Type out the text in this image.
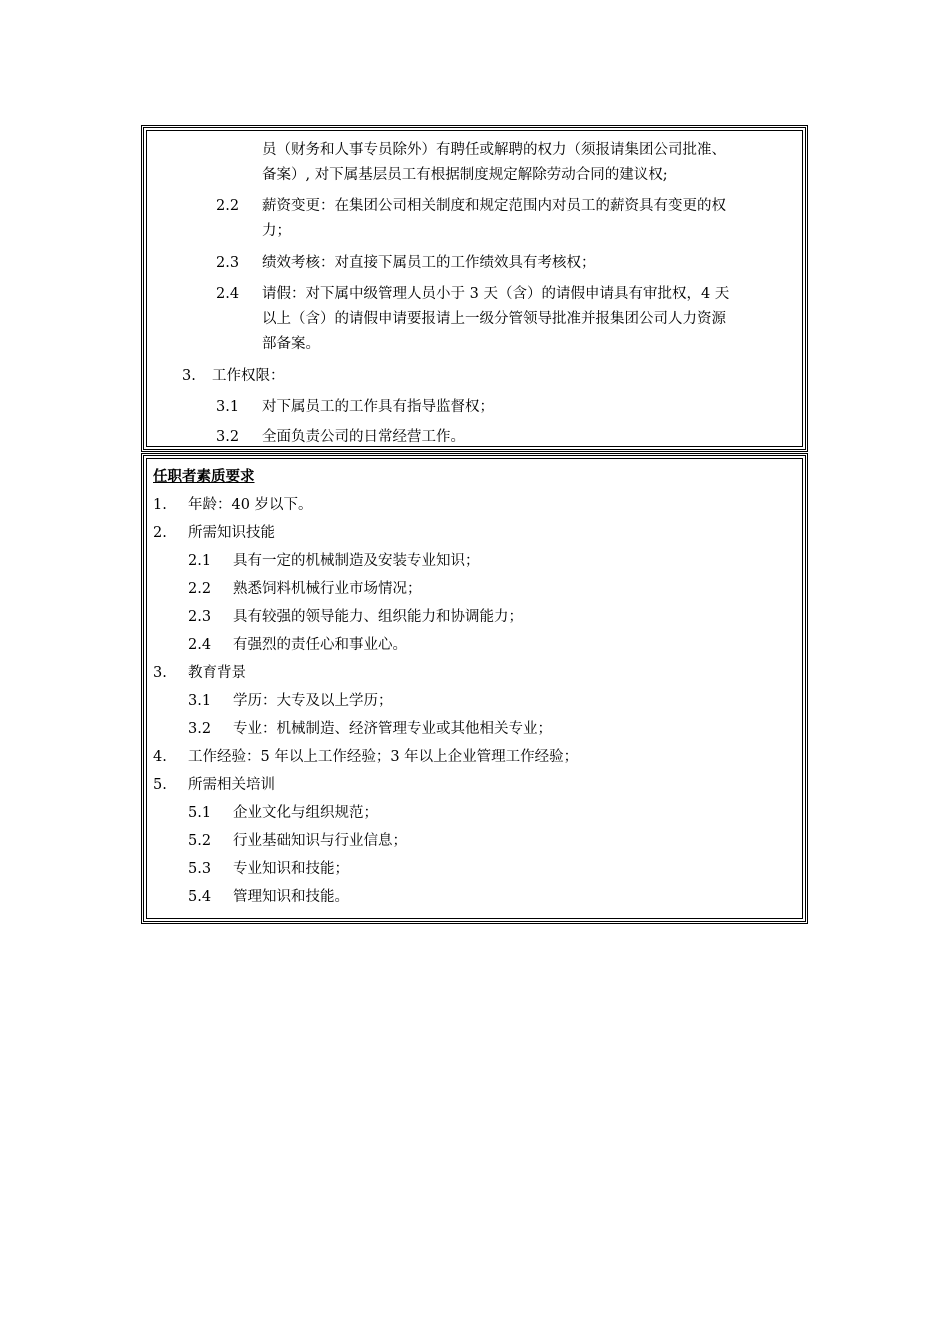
员（财务和人事专员除外）有聘任或解聘的权力（须报请集团公司批准、
备案）, 对下属基层员工有根据制度规定解除劳动合同的建议权;
2.2 薪资变更：在集团公司相关制度和规定范围内对员工的薪资具有变更的权
力；
2.3 绩效考核：对直接下属员工的工作绩效具有考核权；
2.4 请假：对下属中级管理人员小于 3 天（含）的请假申请具有审批权，4 天
以上（含）的请假申请要报请上一级分管领导批准并报集团公司人力资源
部备案。
3. 工作权限：
3.1 对下属员工的工作具有指导监督权；
3.2 全面负责公司的日常经营工作。
任职者素质要求
1. 年龄：40 岁以下。
2. 所需知识技能
2.1 具有一定的机械制造及安装专业知识；
2.2 熟悉饲料机械行业市场情况；
2.3 具有较强的领导能力、组织能力和协调能力；
2.4 有强烈的责任心和事业心。
3. 教育背景
3.1 学历：大专及以上学历；
3.2 专业：机械制造、经济管理专业或其他相关专业；
4. 工作经验：5 年以上工作经验；3 年以上企业管理工作经验；
5. 所需相关培训
5.1 企业文化与组织规范；
5.2 行业基础知识与行业信息；
5.3 专业知识和技能；
5.4 管理知识和技能。
